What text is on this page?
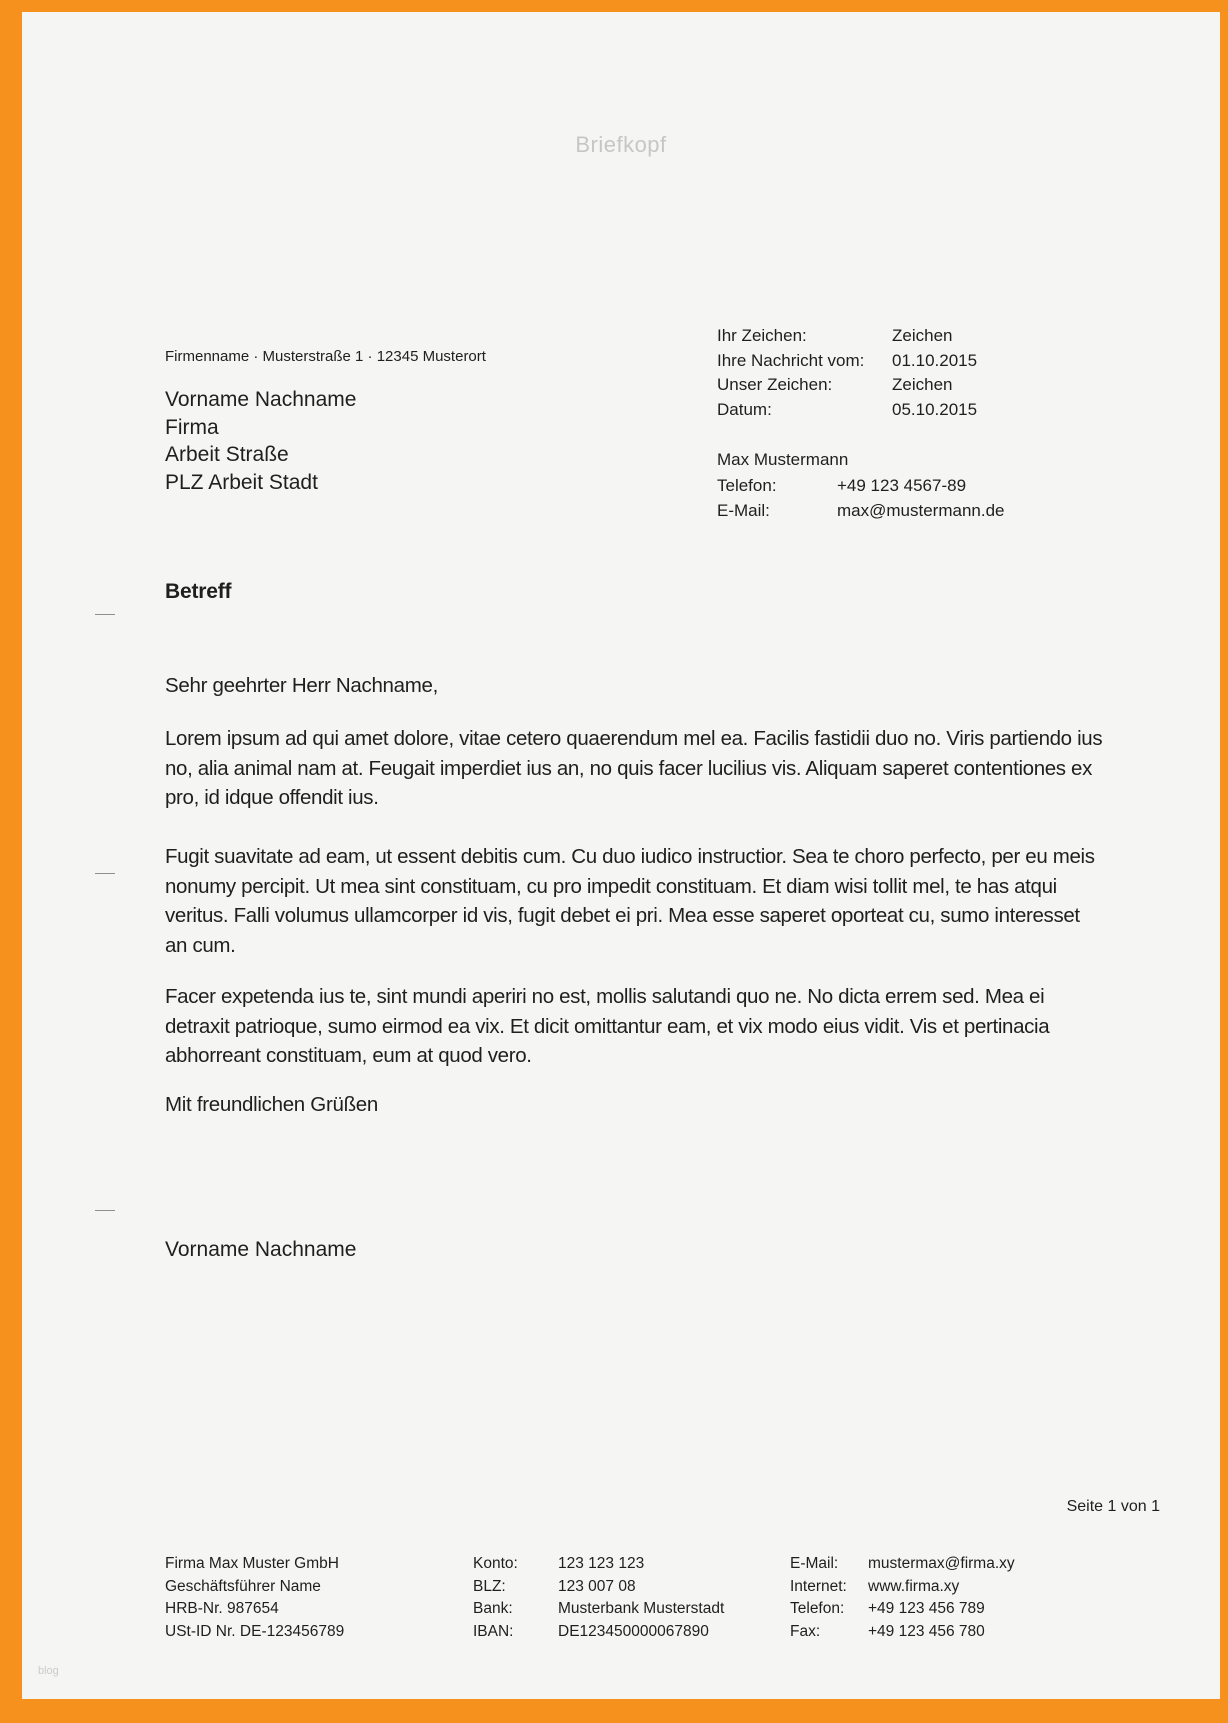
Briefkopf
Firmenname · Musterstraße 1 · 12345 Musterort
Vorname Nachname
Firma
Arbeit Straße
PLZ Arbeit Stadt
Ihr Zeichen:	Zeichen
Ihre Nachricht vom:	01.10.2015
Unser Zeichen:	Zeichen
Datum:	05.10.2015
Max Mustermann
Telefon:	+49 123 4567-89
E-Mail:	max@mustermann.de
Betreff
Sehr geehrter Herr Nachname,
Lorem ipsum ad qui amet dolore, vitae cetero quaerendum mel ea. Facilis fastidii duo no. Viris partiendo ius no, alia animal nam at. Feugait imperdiet ius an, no quis facer lucilius vis. Aliquam saperet contentiones ex pro, id idque offendit ius.
Fugit suavitate ad eam, ut essent debitis cum. Cu duo iudico instructior. Sea te choro perfecto, per eu meis nonumy percipit. Ut mea sint constituam, cu pro impedit constituam. Et diam wisi tollit mel, te has atqui veritus. Falli volumus ullamcorper id vis, fugit debet ei pri. Mea esse saperet oporteat cu, sumo interesset an cum.
Facer expetenda ius te, sint mundi aperiri no est, mollis salutandi quo ne. No dicta errem sed. Mea ei detraxit patrioque, sumo eirmod ea vix. Et dicit omittantur eam, et vix modo eius vidit. Vis et pertinacia abhorreant constituam, eum at quod vero.
Mit freundlichen Grüßen
Vorname Nachname
Seite 1 von 1
Firma Max Muster GmbH
Geschäftsführer Name
HRB-Nr. 987654
USt-ID Nr. DE-123456789
Konto:	123 123 123
BLZ:	123 007 08
Bank:	Musterbank Musterstadt
IBAN:	DE123450000067890
E-Mail:	mustermax@firma.xy
Internet:	www.firma.xy
Telefon:	+49 123 456 789
Fax:	+49 123 456 780
blog
